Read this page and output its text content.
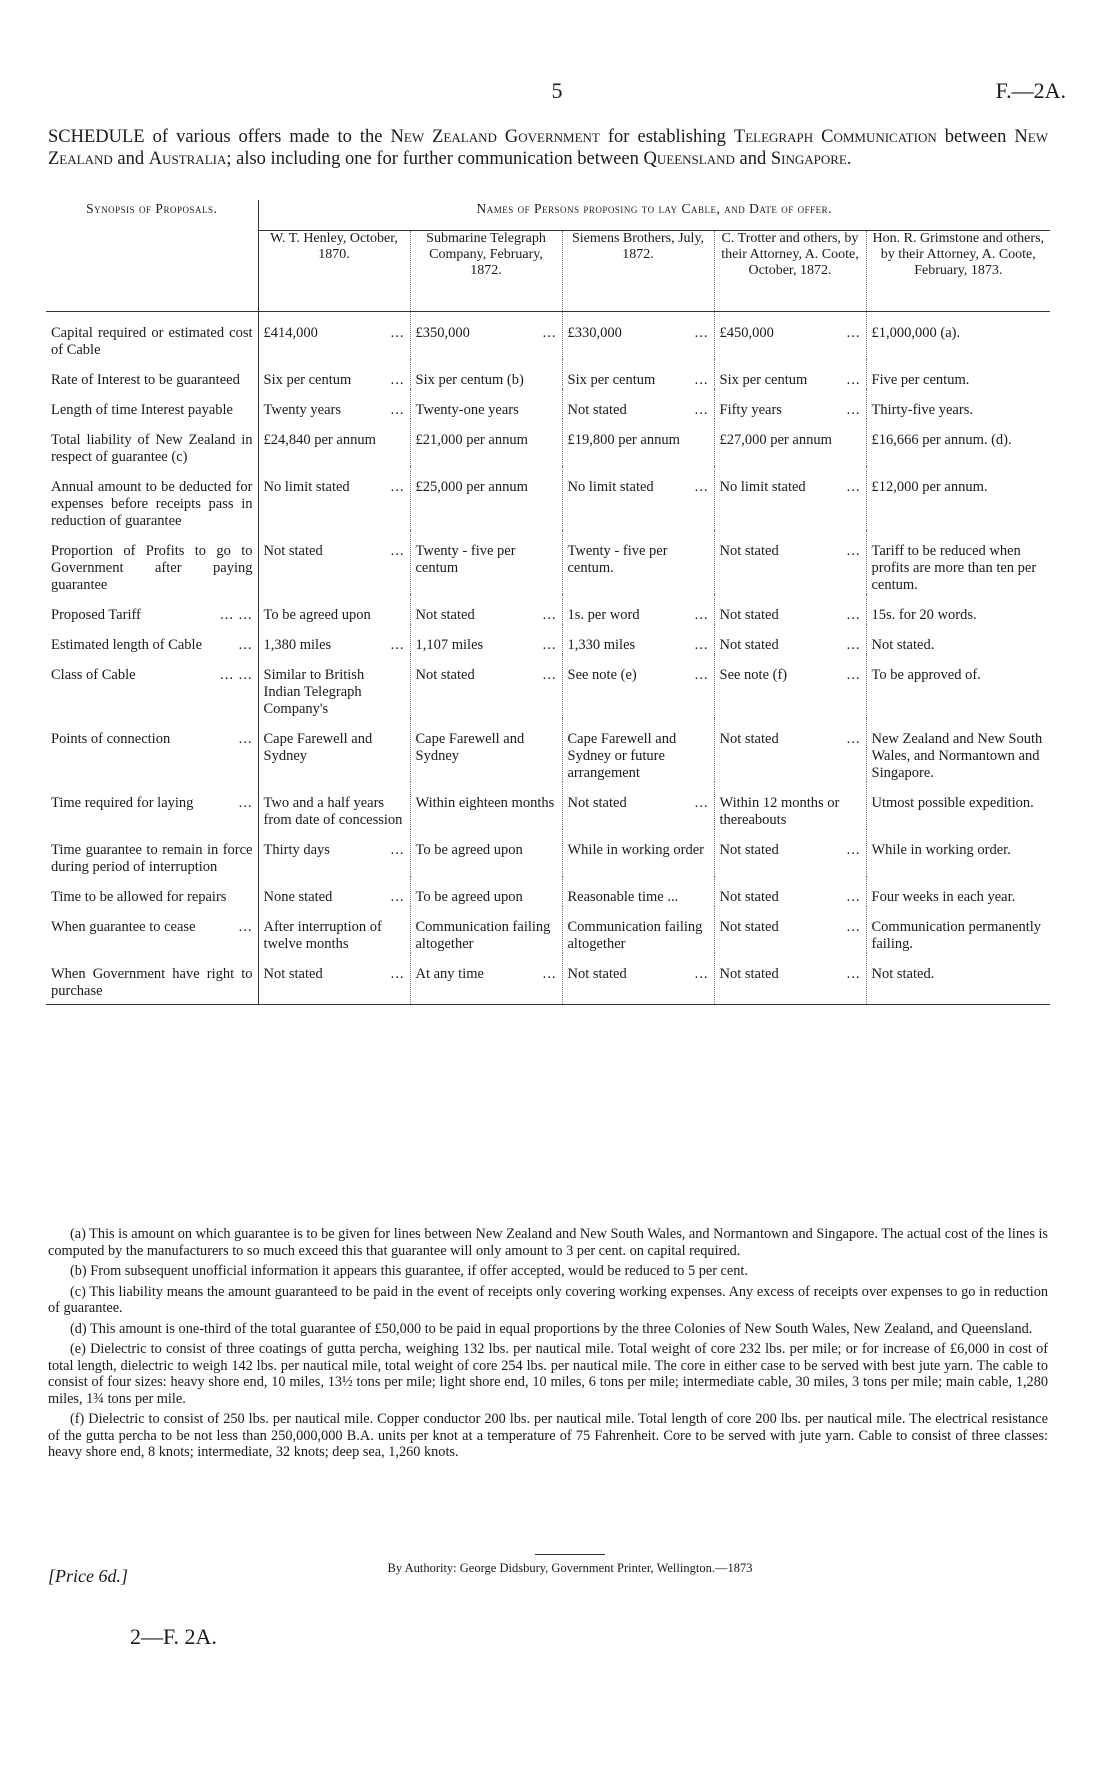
5	F.—2A.
SCHEDULE of various offers made to the New Zealand Government for establishing Telegraph Communication between New Zealand and Australia; also including one for further communication between Queensland and Singapore.
Synopsis of Proposals.	Names of Persons proposing to lay Cable, and Date of offer.				
	W. T. Henley, October, 1870.	Submarine Telegraph Company, February, 1872.	Siemens Brothers, July, 1872.	C. Trotter and others, by their Attorney, A. Coote, October, 1872.	Hon. R. Grimstone and others, by their Attorney, A. Coote, February, 1873.
Capital required or estimated cost of Cable	£414,000 ...	£350,000 ...	£330,000 ...	£450,000 ...	£1,000,000 (a).

Rate of Interest to be guaranteed	Six per centum ...	Six per centum (b)	Six per centum ...	Six per centum ...	Five per centum.

Length of time Interest payable	Twenty years ...	Twenty-one years	Not stated ...	Fifty years ...	Thirty-five years.

Total liability of New Zealand in respect of guarantee (c)	£24,840 per annum	£21,000 per annum	£19,800 per annum	£27,000 per annum	£16,666 per annum. (d).

Annual amount to be deducted for expenses before receipts pass in reduction of guarantee	No limit stated ...	£25,000 per annum	No limit stated ...	No limit stated ...	£12,000 per annum.

Proportion of Profits to go to Government after paying guarantee	Not stated ...	Twenty - five per centum	Twenty - five per centum.	Not stated ...	Tariff to be reduced when profits are more than ten per centum.

... ...
Proposed Tariff	To be agreed upon	Not stated ...	1s. per word ...	Not stated ...	15s. for 20 words.

...
Estimated length of Cable	1,380 miles ...	1,107 miles ...	1,330 miles ...	Not stated ...	Not stated.

... ...
Class of Cable	Similar to British Indian Telegraph Company's	Not stated ...	See note (e) ...	See note (f) ...	To be approved of.

...
Points of connection	Cape Farewell and Sydney	Cape Farewell and Sydney	Cape Farewell and Sydney or future arrangement	Not stated ...	New Zealand and New South Wales, and Normantown and Singapore.

...
Time required for laying	Two and a half years from date of concession	Within eighteen months	Not stated ...	Within 12 months or thereabouts	Utmost possible expedition.

Time guarantee to remain in force during period of interruption	Thirty days ...	To be agreed upon	While in working order	Not stated ...	While in working order.

Time to be allowed for repairs	None stated ...	To be agreed upon	Reasonable time ...	Not stated ...	Four weeks in each year.

...
When guarantee to cease	After interruption of twelve months	Communication failing altogether	Communication failing altogether	Not stated ...	Communication permanently failing.

When Government have right to purchase	Not stated ...	At any time ...	Not stated ...	Not stated ...	Not stated.

(a) This is amount on which guarantee is to be given for lines between New Zealand and New South Wales, and Normantown and Singapore. The actual cost of the lines is computed by the manufacturers to so much exceed this that guarantee will only amount to 3 per cent. on capital required.

(b) From subsequent unofficial information it appears this guarantee, if offer accepted, would be reduced to 5 per cent.

(c) This liability means the amount guaranteed to be paid in the event of receipts only covering working expenses. Any excess of receipts over expenses to go in reduction of guarantee.

(d) This amount is one-third of the total guarantee of £50,000 to be paid in equal proportions by the three Colonies of New South Wales, New Zealand, and Queensland.

(e) Dielectric to consist of three coatings of gutta percha, weighing 132 lbs. per nautical mile. Total weight of core 232 lbs. per mile; or for increase of £6,000 in cost of total length, dielectric to weigh 142 lbs. per nautical mile, total weight of core 254 lbs. per nautical mile. The core in either case to be served with best jute yarn. The cable to consist of four sizes: heavy shore end, 10 miles, 13½ tons per mile; light shore end, 10 miles, 6 tons per mile; intermediate cable, 30 miles, 3 tons per mile; main cable, 1,280 miles, 1¾ tons per mile.

(f) Dielectric to consist of 250 lbs. per nautical mile. Copper conductor 200 lbs. per nautical mile. Total length of core 200 lbs. per nautical mile. The electrical resistance of the gutta percha to be not less than 250,000,000 B.A. units per knot at a temperature of 75 Fahrenheit. Core to be served with jute yarn. Cable to consist of three classes: heavy shore end, 8 knots; intermediate, 32 knots; deep sea, 1,260 knots.

By Authority: George Didsbury, Government Printer, Wellington.—1873
[Price 6d.]
2—F. 2A.
